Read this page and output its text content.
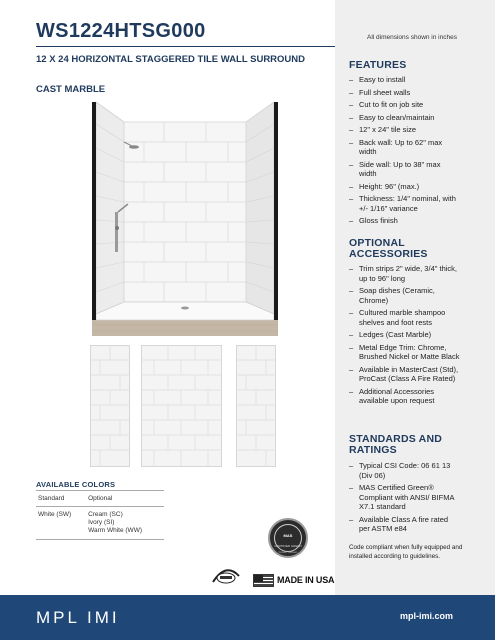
WS1224HTSG000	All dimensions shown in inches
12 X 24 HORIZONTAL STAGGERED TILE WALL SURROUND
CAST MARBLE
AVAILABLE COLORS
Standard	Optional
White (SW)	Cream (SC)
Ivory (SI)
Warm White (WW)
FEATURES
– Easy to install
– Full sheet walls
– Cut to fit on job site
– Easy to clean/maintain
– 12" x 24" tile size
– Back wall: Up to 62" max width
– Side wall: Up to 38" max width
– Height: 96" (max.)
– Thickness: 1/4" nominal, with +/- 1/16" variance
– Gloss finish
OPTIONAL ACCESSORIES
– Trim strips 2" wide, 3/4" thick, up to 96" long
– Soap dishes (Ceramic, Chrome)
– Cultured marble shampoo shelves and foot rests
– Ledges (Cast Marble)
– Metal Edge Trim: Chrome, Brushed Nickel or Matte Black
– Available in MasterCast (Std), ProCast (Class A Fire Rated)
– Additional Accessories available upon request
STANDARDS AND RATINGS
– Typical CSI Code: 06 61 13 (Div 06)
– MAS Certified Green® Compliant with ANSI/ BIFMA X7.1 standard
– Available Class A fire rated per ASTM e84
Code compliant when fully equipped and installed according to guidelines.
MAS
CERTIFIED GREEN
Green Screen
MADE IN USA
MPL IMI	mpl-imi.com
